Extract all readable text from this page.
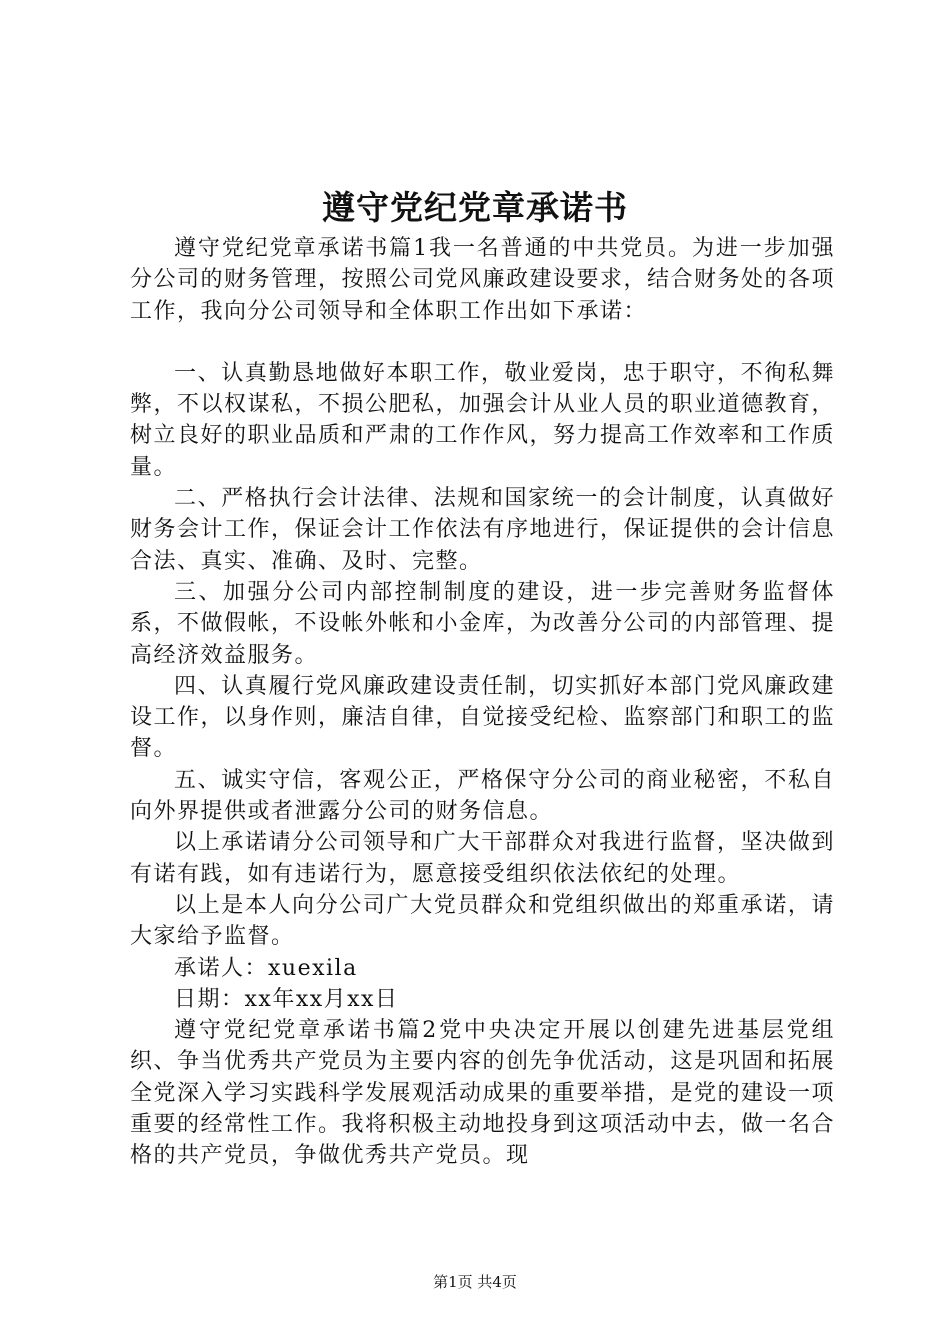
遵守党纪党章承诺书

遵守党纪党章承诺书篇1我一名普通的中共党员。为进一步加强分公司的财务管理，按照公司党风廉政建设要求，结合财务处的各项工作，我向分公司领导和全体职工作出如下承诺：

一、认真勤恳地做好本职工作，敬业爱岗，忠于职守，不徇私舞弊，不以权谋私，不损公肥私，加强会计从业人员的职业道德教育，树立良好的职业品质和严肃的工作作风，努力提高工作效率和工作质量。

二、严格执行会计法律、法规和国家统一的会计制度，认真做好财务会计工作，保证会计工作依法有序地进行，保证提供的会计信息合法、真实、准确、及时、完整。

三、加强分公司内部控制制度的建设，进一步完善财务监督体系，不做假帐，不设帐外帐和小金库，为改善分公司的内部管理、提高经济效益服务。

四、认真履行党风廉政建设责任制，切实抓好本部门党风廉政建设工作，以身作则，廉洁自律，自觉接受纪检、监察部门和职工的监督。

五、诚实守信，客观公正，严格保守分公司的商业秘密，不私自向外界提供或者泄露分公司的财务信息。

以上承诺请分公司领导和广大干部群众对我进行监督，坚决做到有诺有践，如有违诺行为，愿意接受组织依法依纪的处理。

以上是本人向分公司广大党员群众和党组织做出的郑重承诺，请大家给予监督。

承诺人：xuexila

日期：xx年xx月xx日

遵守党纪党章承诺书篇2党中央决定开展以创建先进基层党组织、争当优秀共产党员为主要内容的创先争优活动，这是巩固和拓展全党深入学习实践科学发展观活动成果的重要举措，是党的建设一项重要的经常性工作。我将积极主动地投身到这项活动中去，做一名合格的共产党员，争做优秀共产党员。现

第1页 共4页
